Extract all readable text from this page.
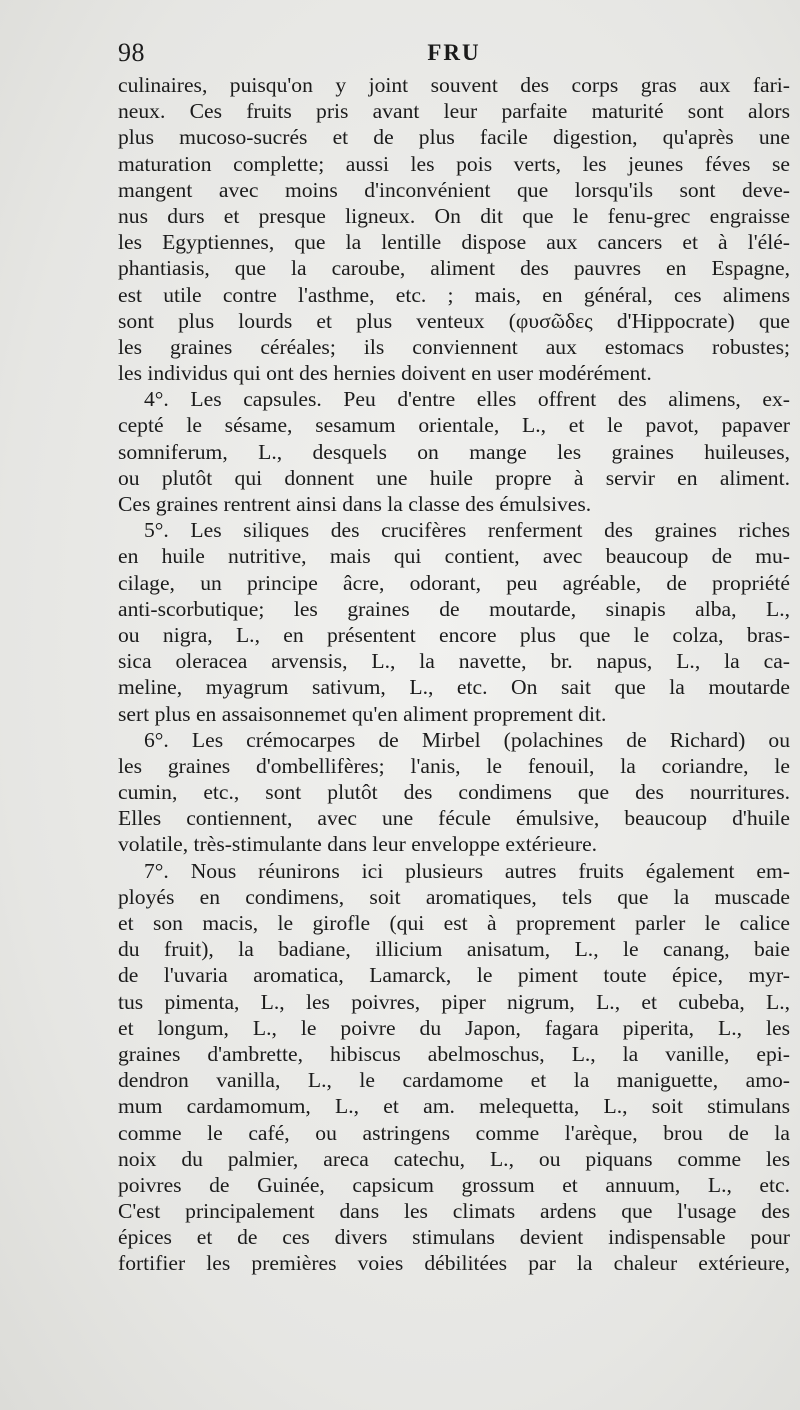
98	FRU
culinaires, puisqu'on y joint souvent des corps gras aux fari-
neux. Ces fruits pris avant leur parfaite maturité sont alors
plus mucoso-sucrés et de plus facile digestion, qu'après une
maturation complette; aussi les pois verts, les jeunes féves se
mangent avec moins d'inconvénient que lorsqu'ils sont deve-
nus durs et presque ligneux. On dit que le fenu-grec engraisse
les Egyptiennes, que la lentille dispose aux cancers et à l'élé-
phantiasis, que la caroube, aliment des pauvres en Espagne,
est utile contre l'asthme, etc. ; mais, en général, ces alimens
sont plus lourds et plus venteux (φυσῶδες d'Hippocrate) que
les graines céréales; ils conviennent aux estomacs robustes;
les individus qui ont des hernies doivent en user modérément.
4°. Les capsules. Peu d'entre elles offrent des alimens, ex-
cepté le sésame, sesamum orientale, L., et le pavot, papaver
somniferum, L., desquels on mange les graines huileuses,
ou plutôt qui donnent une huile propre à servir en aliment.
Ces graines rentrent ainsi dans la classe des émulsives.
5°. Les siliques des crucifères renferment des graines riches
en huile nutritive, mais qui contient, avec beaucoup de mu-
cilage, un principe âcre, odorant, peu agréable, de propriété
anti-scorbutique; les graines de moutarde, sinapis alba, L.,
ou nigra, L., en présentent encore plus que le colza, bras-
sica oleracea arvensis, L., la navette, br. napus, L., la ca-
meline, myagrum sativum, L., etc. On sait que la moutarde
sert plus en assaisonnemet qu'en aliment proprement dit.
6°. Les crémocarpes de Mirbel (polachines de Richard) ou
les graines d'ombellifères; l'anis, le fenouil, la coriandre, le
cumin, etc., sont plutôt des condimens que des nourritures.
Elles contiennent, avec une fécule émulsive, beaucoup d'huile
volatile, très-stimulante dans leur enveloppe extérieure.
7°. Nous réunirons ici plusieurs autres fruits également em-
ployés en condimens, soit aromatiques, tels que la muscade
et son macis, le girofle (qui est à proprement parler le calice
du fruit), la badiane, illicium anisatum, L., le canang, baie
de l'uvaria aromatica, Lamarck, le piment toute épice, myr-
tus pimenta, L., les poivres, piper nigrum, L., et cubeba, L.,
et longum, L., le poivre du Japon, fagara piperita, L., les
graines d'ambrette, hibiscus abelmoschus, L., la vanille, epi-
dendron vanilla, L., le cardamome et la maniguette, amo-
mum cardamomum, L., et am. melequetta, L., soit stimulans
comme le café, ou astringens comme l'arèque, brou de la
noix du palmier, areca catechu, L., ou piquans comme les
poivres de Guinée, capsicum grossum et annuum, L., etc.
C'est principalement dans les climats ardens que l'usage des
épices et de ces divers stimulans devient indispensable pour
fortifier les premières voies débilitées par la chaleur extérieure,
